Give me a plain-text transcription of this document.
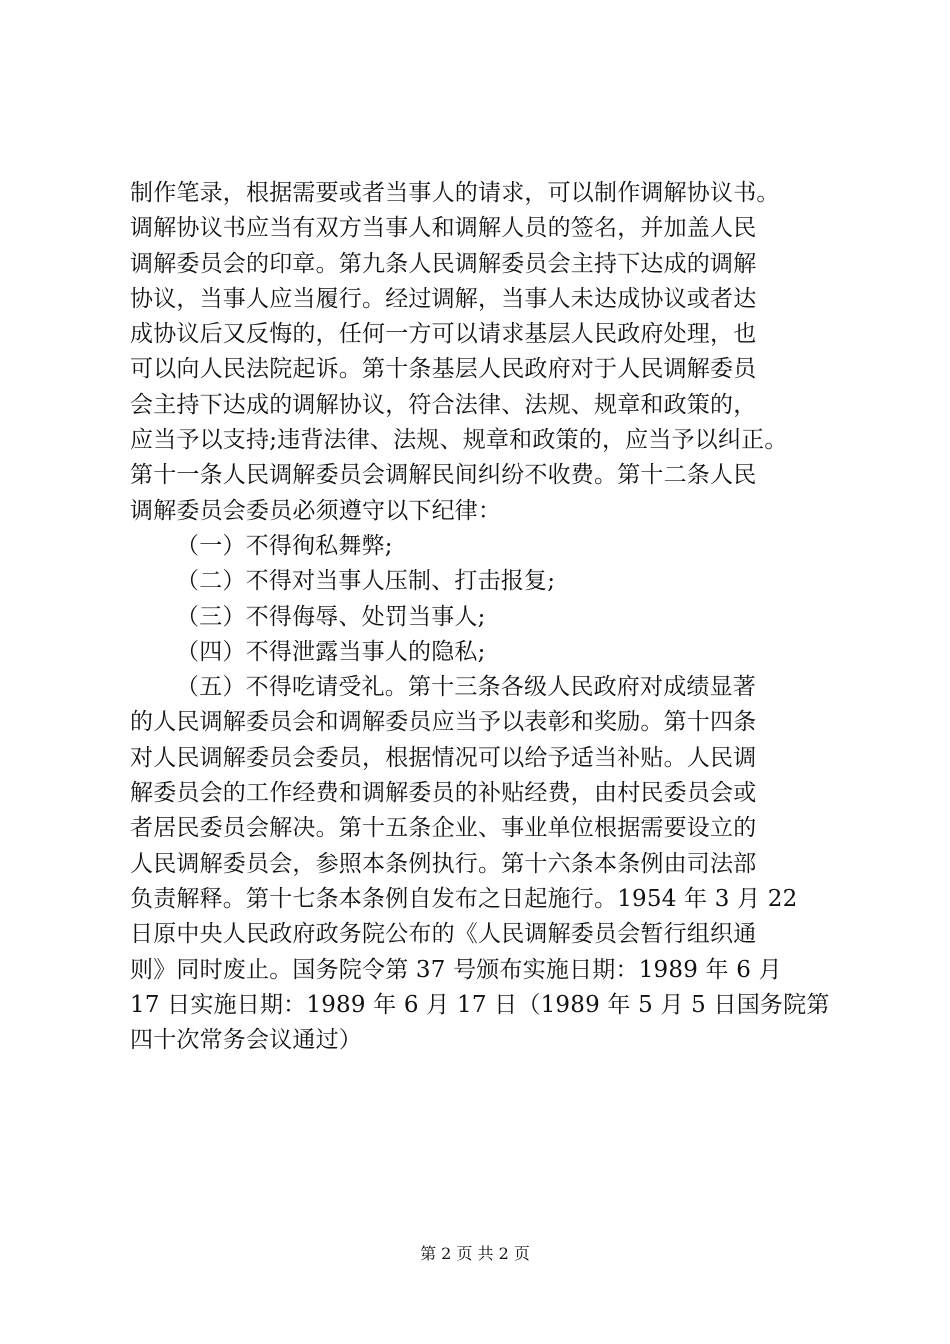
制作笔录，根据需要或者当事人的请求，可以制作调解协议书。
调解协议书应当有双方当事人和调解人员的签名，并加盖人民
调解委员会的印章。第九条人民调解委员会主持下达成的调解
协议，当事人应当履行。经过调解，当事人未达成协议或者达
成协议后又反悔的，任何一方可以请求基层人民政府处理，也
可以向人民法院起诉。第十条基层人民政府对于人民调解委员
会主持下达成的调解协议，符合法律、法规、规章和政策的，
应当予以支持;违背法律、法规、规章和政策的，应当予以纠正。
第十一条人民调解委员会调解民间纠纷不收费。第十二条人民
调解委员会委员必须遵守以下纪律：
（一）不得徇私舞弊;
（二）不得对当事人压制、打击报复;
（三）不得侮辱、处罚当事人;
（四）不得泄露当事人的隐私;
（五）不得吃请受礼。第十三条各级人民政府对成绩显著
的人民调解委员会和调解委员应当予以表彰和奖励。第十四条
对人民调解委员会委员，根据情况可以给予适当补贴。人民调
解委员会的工作经费和调解委员的补贴经费，由村民委员会或
者居民委员会解决。第十五条企业、事业单位根据需要设立的
人民调解委员会，参照本条例执行。第十六条本条例由司法部
负责解释。第十七条本条例自发布之日起施行。1954 年 3 月 22
日原中央人民政府政务院公布的《人民调解委员会暂行组织通
则》同时废止。国务院令第 37 号颁布实施日期：1989 年 6 月
17 日实施日期：1989 年 6 月 17 日（1989 年 5 月 5 日国务院第
四十次常务会议通过）
第 2 页 共 2 页
